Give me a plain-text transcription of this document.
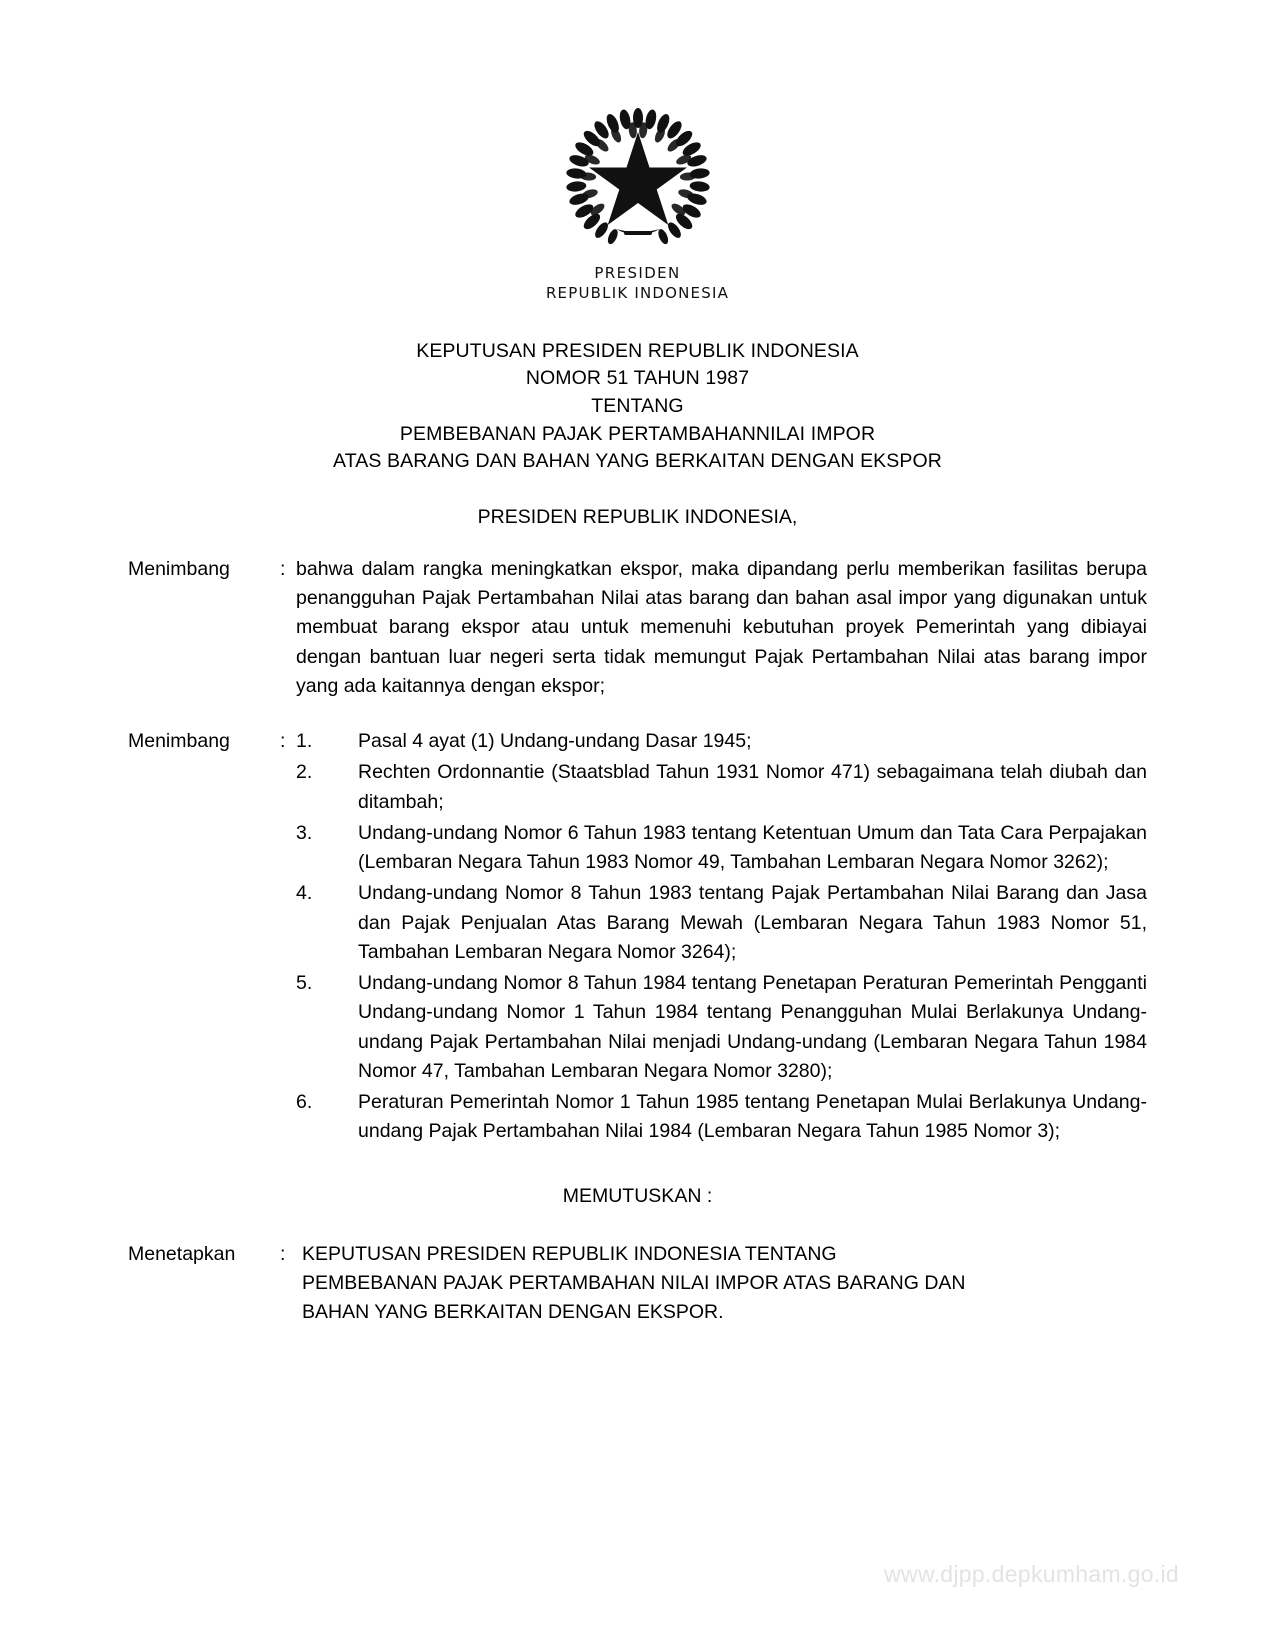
PRESIDEN
REPUBLIK INDONESIA
KEPUTUSAN PRESIDEN REPUBLIK INDONESIA
NOMOR 51 TAHUN 1987
TENTANG
PEMBEBANAN PAJAK PERTAMBAHANNILAI IMPOR
ATAS BARANG DAN BAHAN YANG BERKAITAN DENGAN EKSPOR
PRESIDEN REPUBLIK INDONESIA,
Menimbang	: bahwa dalam rangka meningkatkan ekspor, maka dipandang perlu memberikan fasilitas berupa penangguhan Pajak Pertambahan Nilai atas barang dan bahan asal impor yang digunakan untuk membuat barang ekspor atau untuk memenuhi kebutuhan proyek Pemerintah yang dibiayai dengan bantuan luar negeri serta tidak memungut Pajak Pertambahan Nilai atas barang impor yang ada kaitannya dengan ekspor;
Menimbang	: 1.	Pasal 4 ayat (1) Undang-undang Dasar 1945;
2.	Rechten Ordonnantie (Staatsblad Tahun 1931 Nomor 471) sebagaimana telah diubah dan ditambah;
3.	Undang-undang Nomor 6 Tahun 1983 tentang Ketentuan Umum dan Tata Cara Perpajakan (Lembaran Negara Tahun 1983 Nomor 49, Tambahan Lembaran Negara Nomor 3262);
4.	Undang-undang Nomor 8 Tahun 1983 tentang Pajak Pertambahan Nilai Barang dan Jasa dan Pajak Penjualan Atas Barang Mewah (Lembaran Negara Tahun 1983 Nomor 51, Tambahan Lembaran Negara Nomor 3264);
5.	Undang-undang Nomor 8 Tahun 1984 tentang Penetapan Peraturan Pemerintah Pengganti Undang-undang Nomor 1 Tahun 1984 tentang Penangguhan Mulai Berlakunya Undang-undang Pajak Pertambahan Nilai menjadi Undang-undang (Lembaran Negara Tahun 1984 Nomor 47, Tambahan Lembaran Negara Nomor 3280);
6.	Peraturan Pemerintah Nomor 1 Tahun 1985 tentang Penetapan Mulai Berlakunya Undang-undang Pajak Pertambahan Nilai 1984 (Lembaran Negara Tahun 1985 Nomor 3);
MEMUTUSKAN :
Menetapkan	: KEPUTUSAN PRESIDEN REPUBLIK INDONESIA TENTANG
PEMBEBANAN PAJAK PERTAMBAHAN NILAI IMPOR ATAS BARANG DAN
BAHAN YANG BERKAITAN DENGAN EKSPOR.
www.djpp.depkumham.go.id
